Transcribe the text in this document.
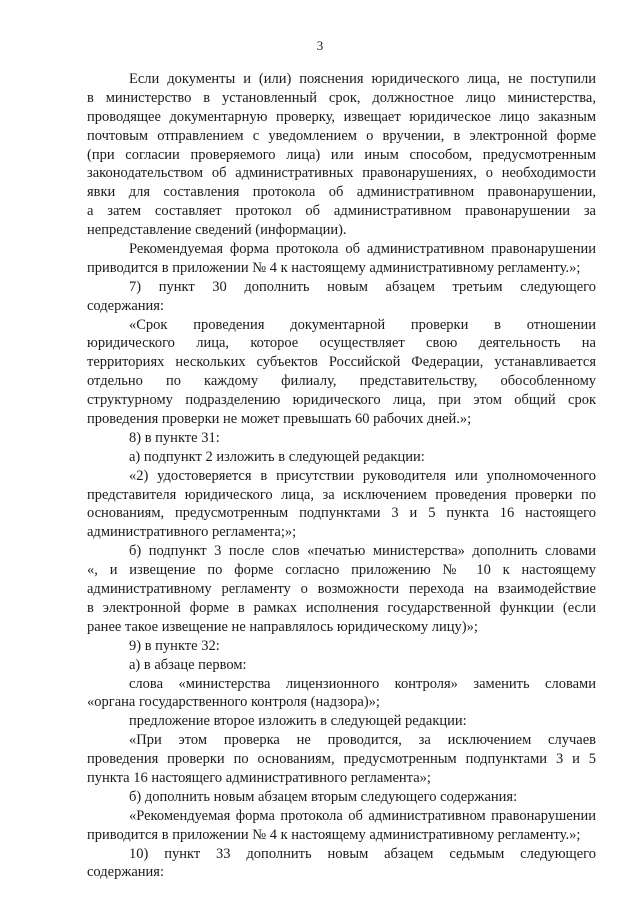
3
Если документы и (или) пояснения юридического лица, не поступили
в министерство в установленный срок, должностное лицо министерства,
проводящее документарную проверку, извещает юридическое лицо заказным
почтовым отправлением с уведомлением о вручении, в электронной форме
(при согласии проверяемого лица) или иным способом, предусмотренным
законодательством об административных правонарушениях, о необходимости
явки для составления протокола об административном правонарушении,
а затем составляет протокол об административном правонарушении за
непредставление сведений (информации).
Рекомендуемая форма протокола об административном правонарушении
приводится в приложении № 4 к настоящему административному регламенту.»;
7) пункт 30 дополнить новым абзацем третьим следующего
содержания:
«Срок проведения документарной проверки в отношении
юридического лица, которое осуществляет свою деятельность на
территориях нескольких субъектов Российской Федерации, устанавливается
отдельно по каждому филиалу, представительству, обособленному
структурному подразделению юридического лица, при этом общий срок
проведения проверки не может превышать 60 рабочих дней.»;
8) в пункте 31:
а) подпункт 2 изложить в следующей редакции:
«2) удостоверяется в присутствии руководителя или уполномоченного
представителя юридического лица, за исключением проведения проверки по
основаниям, предусмотренным подпунктами 3 и 5 пункта 16 настоящего
административного регламента;»;
б) подпункт 3 после слов «печатью министерства» дополнить словами
«, и извещение по форме согласно приложению № 10 к настоящему
административному регламенту о возможности перехода на взаимодействие
в электронной форме в рамках исполнения государственной функции (если
ранее такое извещение не направлялось юридическому лицу)»;
9) в пункте 32:
а) в абзаце первом:
слова «министерства лицензионного контроля» заменить словами
«органа государственного контроля (надзора)»;
предложение второе изложить в следующей редакции:
«При этом проверка не проводится, за исключением случаев
проведения проверки по основаниям, предусмотренным подпунктами 3 и 5
пункта 16 настоящего административного регламента»;
б) дополнить новым абзацем вторым следующего содержания:
«Рекомендуемая форма протокола об административном правонарушении
приводится в приложении № 4 к настоящему административному регламенту.»;
10) пункт 33 дополнить новым абзацем седьмым следующего
содержания:
